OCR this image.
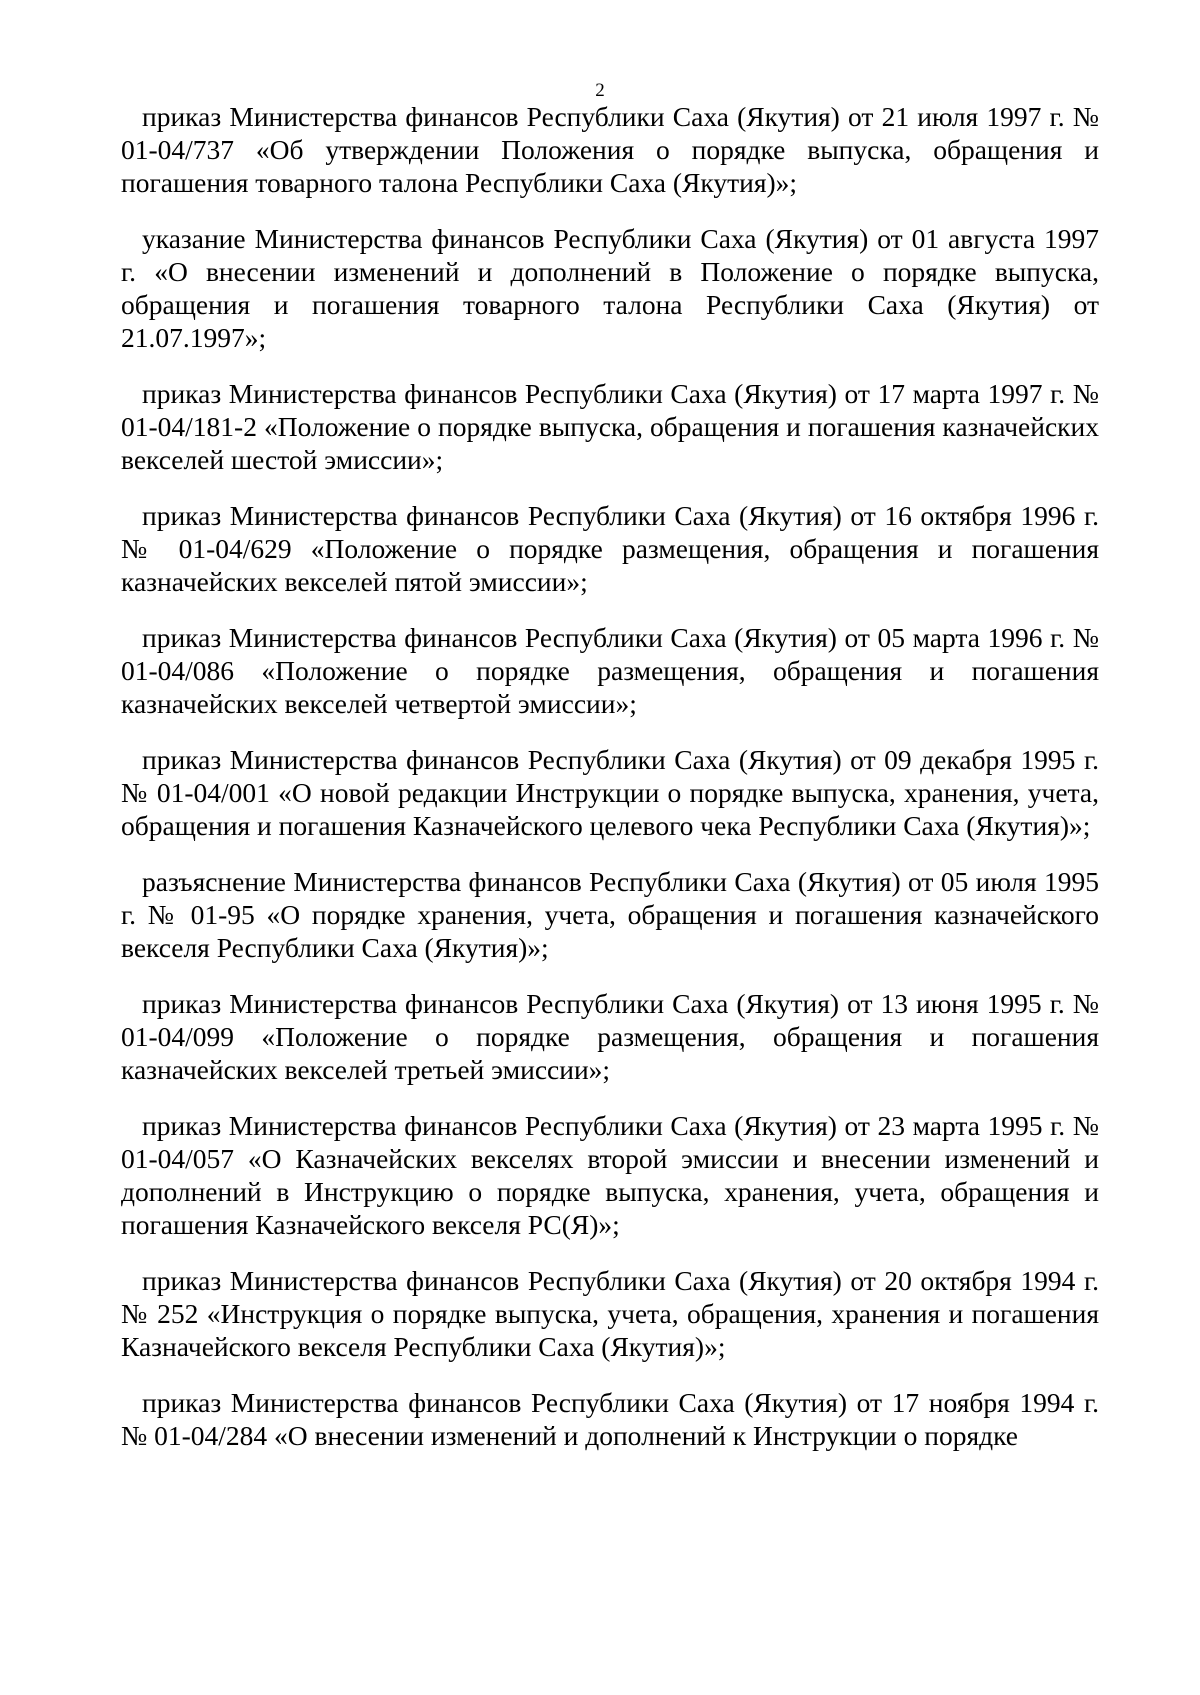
2

приказ Министерства финансов Республики Саха (Якутия) от 21 июля 1997 г. № 01-04/737 «Об утверждении Положения о порядке выпуска, обращения и погашения товарного талона Республики Саха (Якутия)»;

указание Министерства финансов Республики Саха (Якутия) от 01 августа 1997 г. «О внесении изменений и дополнений в Положение о порядке выпуска, обращения и погашения товарного талона Республики Саха (Якутия) от 21.07.1997»;

приказ Министерства финансов Республики Саха (Якутия) от 17 марта 1997 г. № 01-04/181-2 «Положение о порядке выпуска, обращения и погашения казначейских векселей шестой эмиссии»;

приказ Министерства финансов Республики Саха (Якутия) от 16 октября 1996 г. № 01-04/629 «Положение о порядке размещения, обращения и погашения казначейских векселей пятой эмиссии»;

приказ Министерства финансов Республики Саха (Якутия) от 05 марта 1996 г. № 01-04/086 «Положение о порядке размещения, обращения и погашения казначейских векселей четвертой эмиссии»;

приказ Министерства финансов Республики Саха (Якутия) от 09 декабря 1995 г. № 01-04/001 «О новой редакции Инструкции о порядке выпуска, хранения, учета, обращения и погашения Казначейского целевого чека Республики Саха (Якутия)»;

разъяснение Министерства финансов Республики Саха (Якутия) от 05 июля 1995 г. № 01-95 «О порядке хранения, учета, обращения и погашения казначейского векселя Республики Саха (Якутия)»;

приказ Министерства финансов Республики Саха (Якутия) от 13 июня 1995 г. № 01-04/099 «Положение о порядке размещения, обращения и погашения казначейских векселей третьей эмиссии»;

приказ Министерства финансов Республики Саха (Якутия) от 23 марта 1995 г. № 01-04/057 «О Казначейских векселях второй эмиссии и внесении изменений и дополнений в Инструкцию о порядке выпуска, хранения, учета, обращения и погашения Казначейского векселя РС(Я)»;

приказ Министерства финансов Республики Саха (Якутия) от 20 октября 1994 г. № 252 «Инструкция о порядке выпуска, учета, обращения, хранения и погашения Казначейского векселя Республики Саха (Якутия)»;

приказ Министерства финансов Республики Саха (Якутия) от 17 ноября 1994 г. № 01-04/284 «О внесении изменений и дополнений к Инструкции о порядке
